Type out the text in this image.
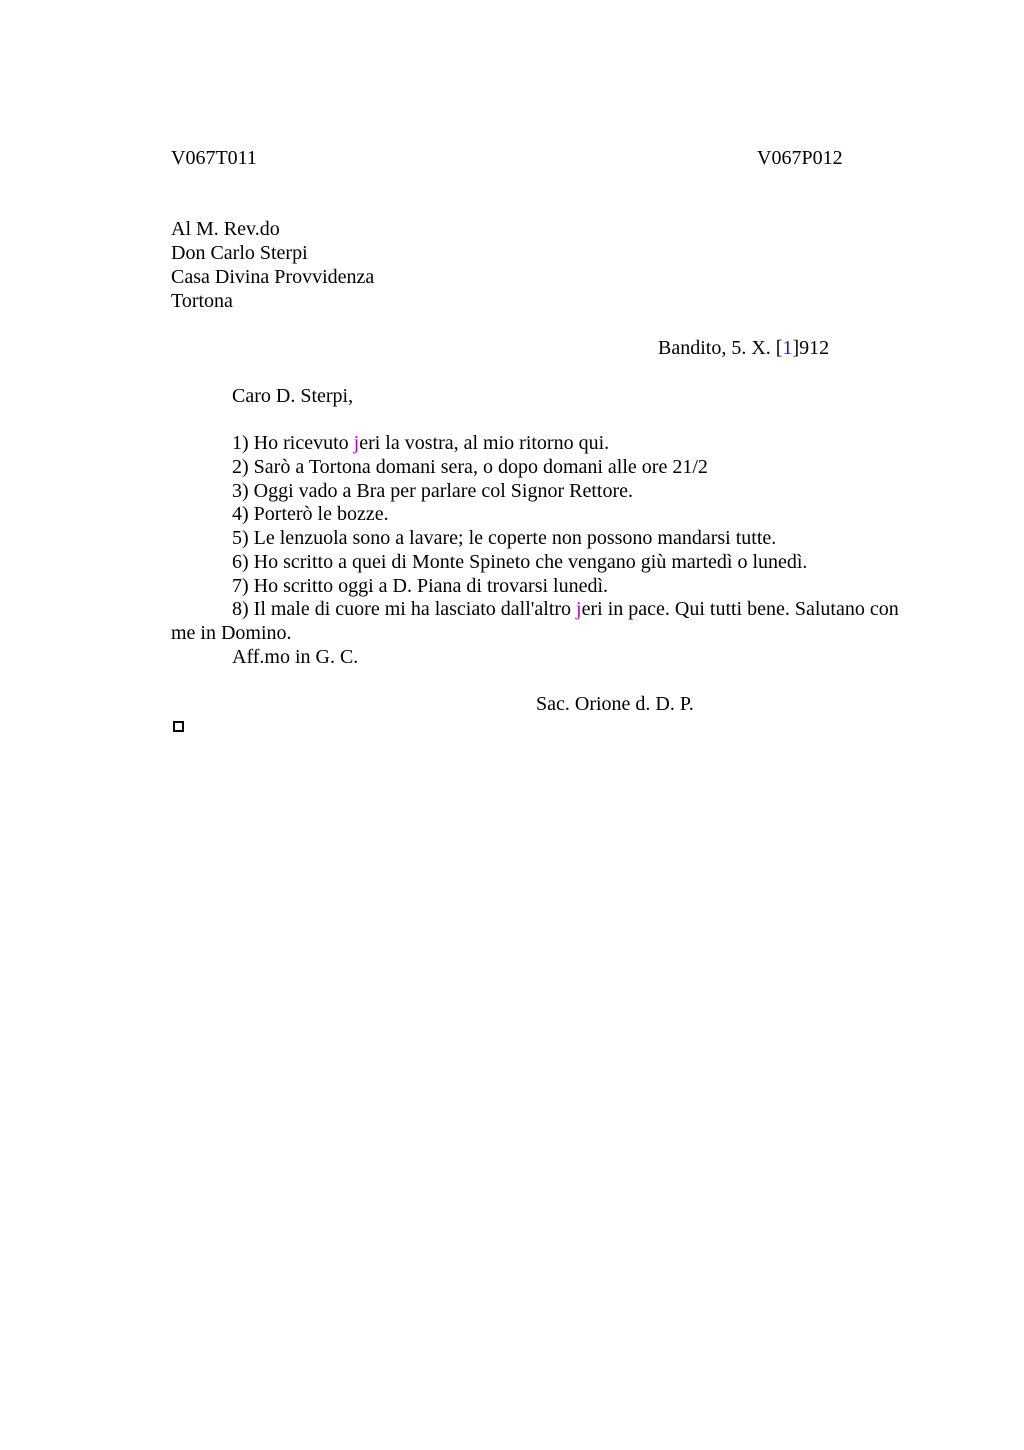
V067T011	V067P012
Al M. Rev.do
Don Carlo Sterpi
Casa Divina Provvidenza
Tortona
Bandito, 5. X. [1]912
Caro D. Sterpi,
1) Ho ricevuto jeri la vostra, al mio ritorno qui.
2) Sarò a Tortona domani sera, o dopo domani alle ore 21/2
3) Oggi vado a Bra per parlare col Signor Rettore.
4) Porterò le bozze.
5) Le lenzuola sono a lavare; le coperte non possono mandarsi tutte.
6) Ho scritto a quei di Monte Spineto che vengano giù martedì o lunedì.
7) Ho scritto oggi a D. Piana di trovarsi lunedì.
8) Il male di cuore mi ha lasciato dall'altro jeri in pace. Qui tutti bene. Salutano con
me in Domino.
Aff.mo in G. C.
Sac. Orione d. D. P.
